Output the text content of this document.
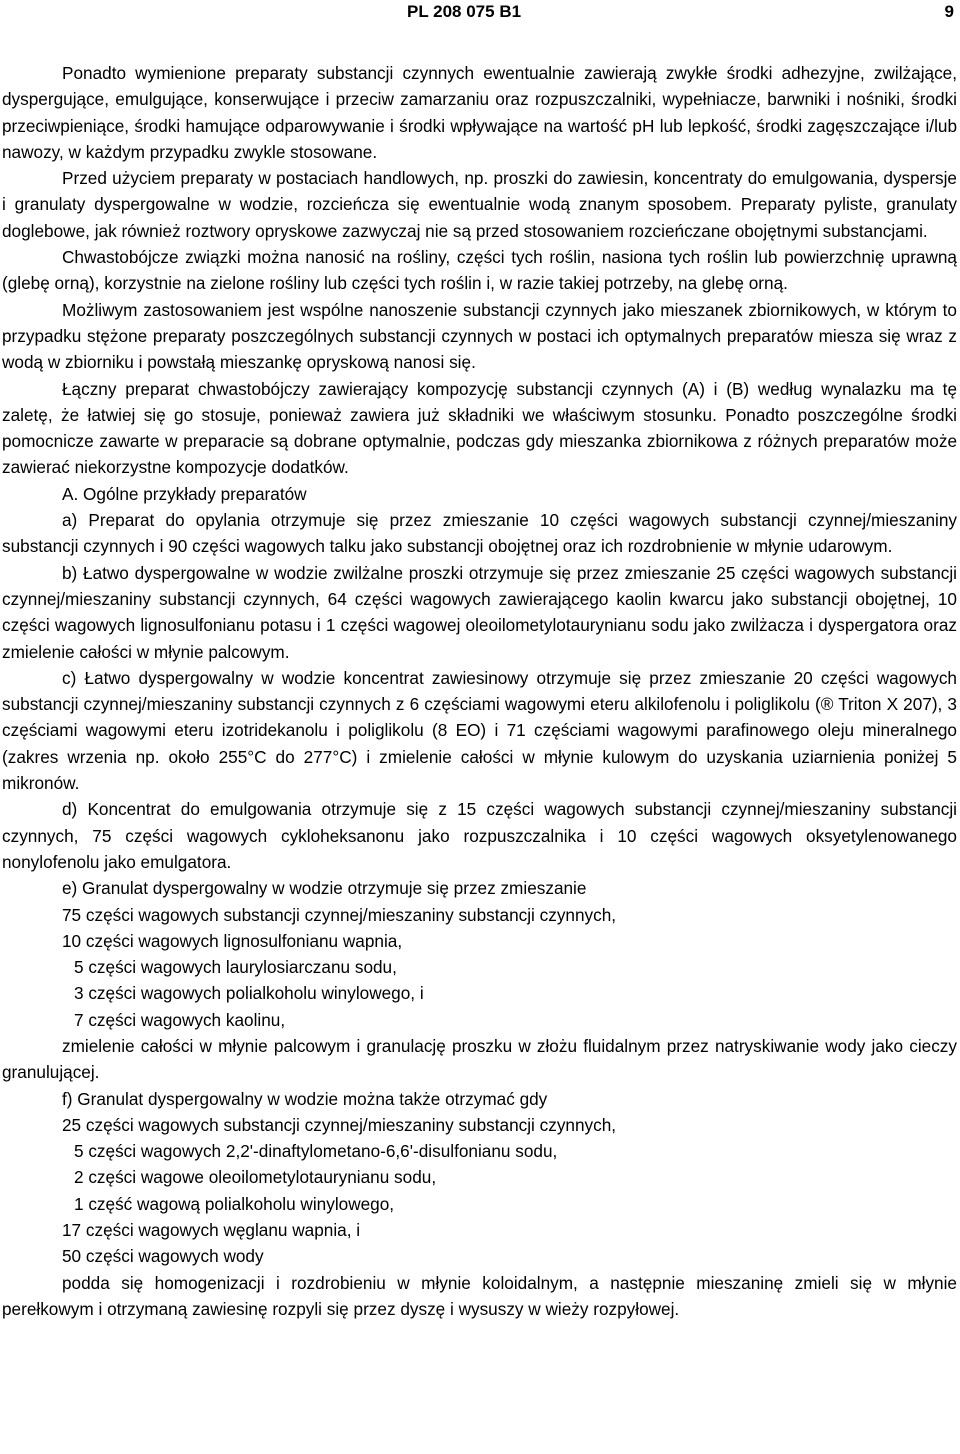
PL 208 075 B1	9

Ponadto wymienione preparaty substancji czynnych ewentualnie zawierają zwykłe środki adhezyjne, zwilżające, dyspergujące, emulgujące, konserwujące i przeciw zamarzaniu oraz rozpuszczalniki, wypełniacze, barwniki i nośniki, środki przeciwpieniące, środki hamujące odparowywanie i środki wpływające na wartość pH lub lepkość, środki zagęszczające i/lub nawozy, w każdym przypadku zwykle stosowane.

Przed użyciem preparaty w postaciach handlowych, np. proszki do zawiesin, koncentraty do emulgowania, dyspersje i granulaty dyspergowalne w wodzie, rozcieńcza się ewentualnie wodą znanym sposobem. Preparaty pyliste, granulaty doglebowe, jak również roztwory opryskowe zazwyczaj nie są przed stosowaniem rozcieńczane obojętnymi substancjami.

Chwastobójcze związki można nanosić na rośliny, części tych roślin, nasiona tych roślin lub powierzchnię uprawną (glebę orną), korzystnie na zielone rośliny lub części tych roślin i, w razie takiej potrzeby, na glebę orną.

Możliwym zastosowaniem jest wspólne nanoszenie substancji czynnych jako mieszanek zbiornikowych, w którym to przypadku stężone preparaty poszczególnych substancji czynnych w postaci ich optymalnych preparatów miesza się wraz z wodą w zbiorniku i powstałą mieszankę opryskową nanosi się.

Łączny preparat chwastobójczy zawierający kompozycję substancji czynnych (A) i (B) według wynalazku ma tę zaletę, że łatwiej się go stosuje, ponieważ zawiera już składniki we właściwym stosunku. Ponadto poszczególne środki pomocnicze zawarte w preparacie są dobrane optymalnie, podczas gdy mieszanka zbiornikowa z różnych preparatów może zawierać niekorzystne kompozycje dodatków.

A. Ogólne przykłady preparatów

a) Preparat do opylania otrzymuje się przez zmieszanie 10 części wagowych substancji czynnej/mieszaniny substancji czynnych i 90 części wagowych talku jako substancji obojętnej oraz ich rozdrobnienie w młynie udarowym.

b) Łatwo dyspergowalne w wodzie zwilżalne proszki otrzymuje się przez zmieszanie 25 części wagowych substancji czynnej/mieszaniny substancji czynnych, 64 części wagowych zawierającego kaolin kwarcu jako substancji obojętnej, 10 części wagowych lignosulfonianu potasu i 1 części wagowej oleoilometylotaurynianu sodu jako zwilżacza i dyspergatora oraz zmielenie całości w młynie palcowym.

c) Łatwo dyspergowalny w wodzie koncentrat zawiesinowy otrzymuje się przez zmieszanie 20 części wagowych substancji czynnej/mieszaniny substancji czynnych z 6 częściami wagowymi eteru alkilofenolu i poliglikolu (® Triton X 207), 3 częściami wagowymi eteru izotridekanolu i poliglikolu (8 EO) i 71 częściami wagowymi parafinowego oleju mineralnego (zakres wrzenia np. około 255°C do 277°C) i zmielenie całości w młynie kulowym do uzyskania uziarnienia poniżej 5 mikronów.

d) Koncentrat do emulgowania otrzymuje się z 15 części wagowych substancji czynnej/mieszaniny substancji czynnych, 75 części wagowych cykloheksanonu jako rozpuszczalnika i 10 części wagowych oksyetylenowanego nonylofenolu jako emulgatora.

e) Granulat dyspergowalny w wodzie otrzymuje się przez zmieszanie
75 części wagowych substancji czynnej/mieszaniny substancji czynnych,
10 części wagowych lignosulfonianu wapnia,
5 części wagowych laurylosiarczanu sodu,
3 części wagowych polialkoholu winylowego, i
7 części wagowych kaolinu,

zmielenie całości w młynie palcowym i granulację proszku w złożu fluidalnym przez natryskiwanie wody jako cieczy granulującej.

f) Granulat dyspergowalny w wodzie można także otrzymać gdy
25 części wagowych substancji czynnej/mieszaniny substancji czynnych,
5 części wagowych 2,2'-dinaftylometano-6,6'-disulfonianu sodu,
2 części wagowe oleoilometylotaurynianu sodu,
1 część wagową polialkoholu winylowego,
17 części wagowych węglanu wapnia, i
50 części wagowych wody

podda się homogenizacji i rozdrobieniu w młynie koloidalnym, a następnie mieszaninę zmieli się w młynie perełkowym i otrzymaną zawiesinę rozpyli się przez dyszę i wysuszy w wieży rozpyłowej.
